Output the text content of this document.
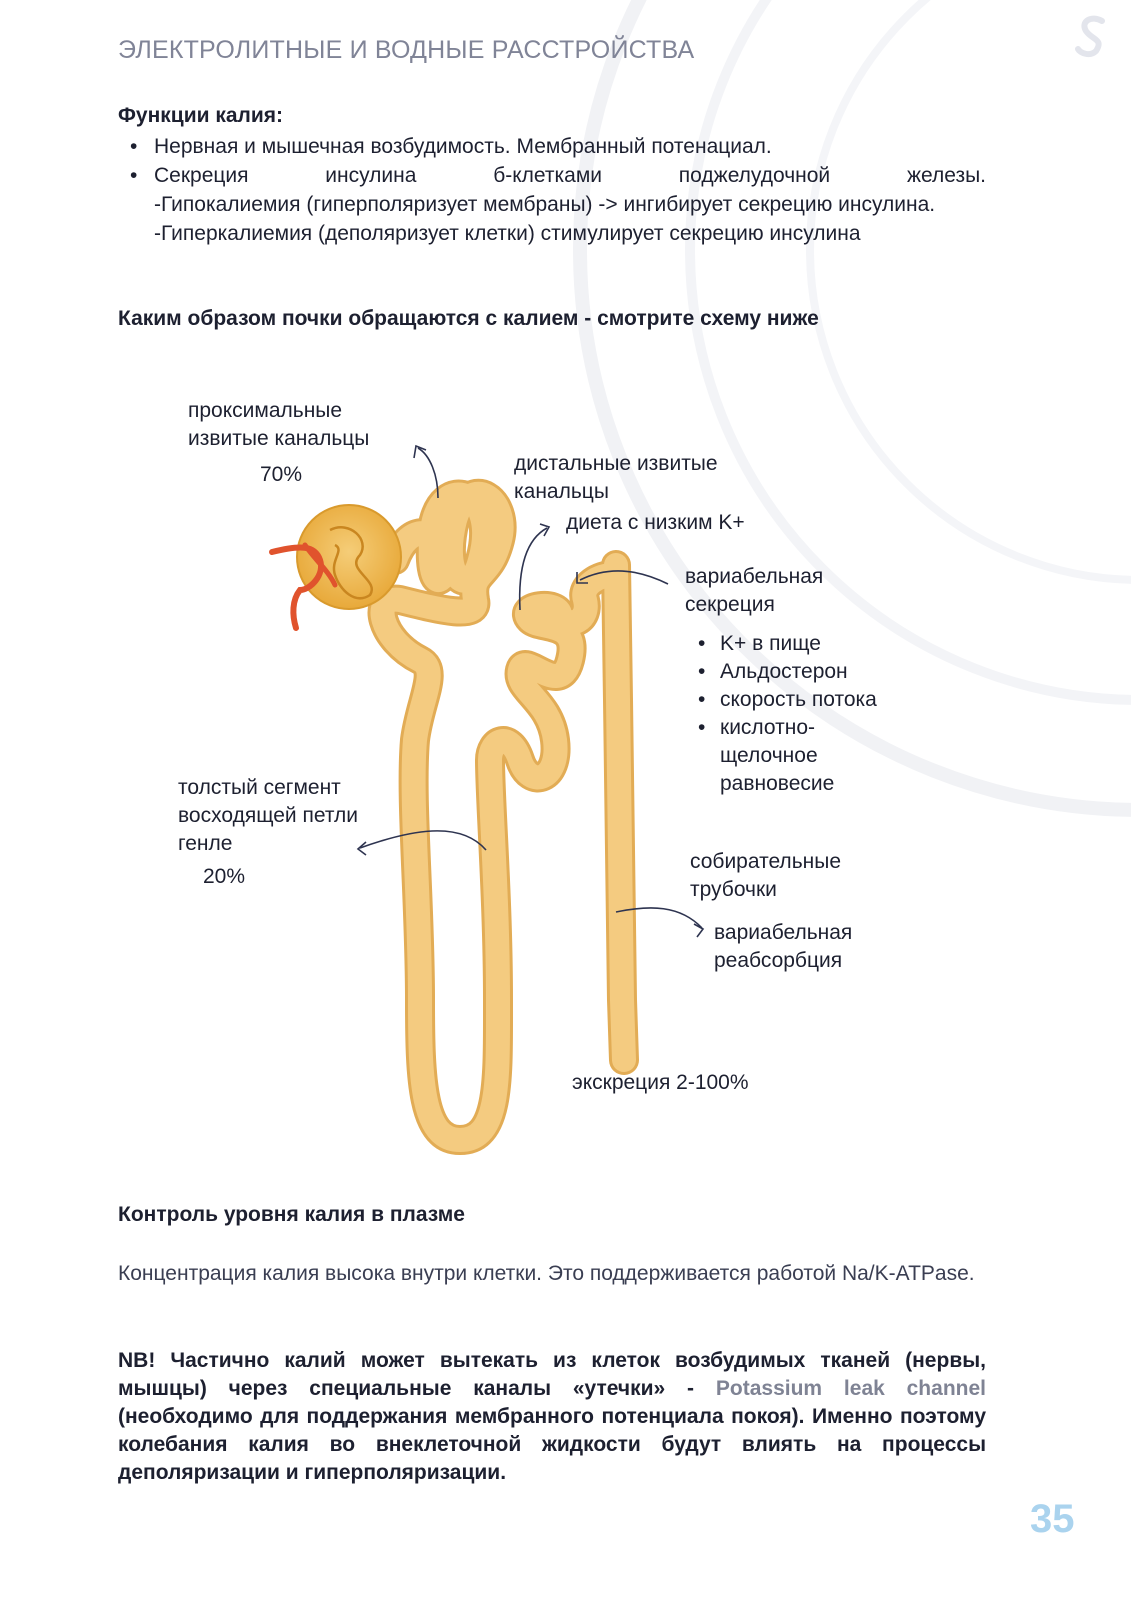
ЭЛЕКТРОЛИТНЫЕ И ВОДНЫЕ РАССТРОЙСТВА
Функции калия:
• Нервная и мышечная возбудимость. Мембранный потенациал.
• Секреция инсулина б-клетками поджелудочной железы.
-Гипокалиемия (гиперполяризует мембраны) -> ингибирует секрецию инсулина.
-Гиперкалиемия (деполяризует клетки) стимулирует секрецию инсулина
Каким образом почки обращаются с калием - смотрите схему ниже
проксимальные извитые канальцы
70%	дистальные извитые канальцы
диета с низким K+
вариабельная секреция
• K+ в пище
• Альдостерон
• скорость потока
• кислотно-щелочное равновесие
толстый сегмент восходящей петли генле
20%
собирательные трубочки
вариабельная реабсорбция
экскреция 2-100%
Контроль уровня калия в плазме
Концентрация калия высока внутри клетки. Это поддерживается работой Na/K-ATPase.
NB! Частично калий может вытекать из клеток возбудимых тканей (нервы, мышцы) через специальные каналы «утечки» - Potassium leak channel (необходимо для поддержания мембранного потенциала покоя). Именно поэтому колебания калия во внеклеточной жидкости будут влиять на процессы деполяризации и гиперполяризации.
35
